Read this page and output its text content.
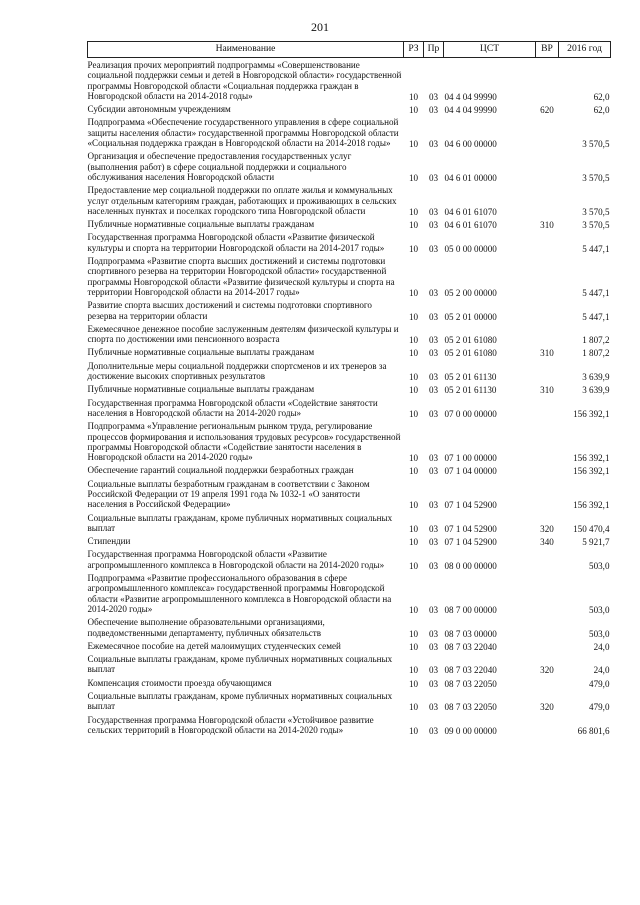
201
Наименование	РЗ	Пр	ЦСТ	ВР	2016 год
Реализация прочих мероприятий подпрограммы «Совершенствование социальной поддержки семьи и детей в Новгородской области» государственной программы Новгородской области «Социальная поддержка граждан в Новгородской области на 2014-2018 годы»	10	03	04 4 04 99990		62,0
Субсидии автономным учреждениям	10	03	04 4 04 99990	620	62,0
Подпрограмма «Обеспечение государственного управления в сфере социальной защиты населения области» государственной программы Новгородской области «Социальная поддержка граждан в Новгородской области на 2014-2018 годы»	10	03	04 6 00 00000		3 570,5
Организация и обеспечение предоставления государственных услуг (выполнения работ) в сфере социальной поддержки и социального обслуживания населения Новгородской области	10	03	04 6 01 00000		3 570,5
Предоставление мер социальной поддержки по оплате жилья и коммунальных услуг отдельным категориям граждан, работающих и проживающих в сельских населенных пунктах и поселках городского типа Новгородской области	10	03	04 6 01 61070		3 570,5
Публичные нормативные социальные выплаты гражданам	10	03	04 6 01 61070	310	3 570,5
Государственная программа Новгородской области «Развитие физической культуры и спорта на территории Новгородской области на 2014-2017 годы»	10	03	05 0 00 00000		5 447,1
Подпрограмма «Развитие спорта высших достижений и системы подготовки спортивного резерва на территории Новгородской области» государственной программы Новгородской области «Развитие физической культуры и спорта на территории Новгородской области на 2014-2017 годы»	10	03	05 2 00 00000		5 447,1
Развитие спорта высших достижений и системы подготовки спортивного резерва на территории области	10	03	05 2 01 00000		5 447,1
Ежемесячное денежное пособие заслуженным деятелям физической культуры и спорта по достижении ими пенсионного возраста	10	03	05 2 01 61080		1 807,2
Публичные нормативные социальные выплаты гражданам	10	03	05 2 01 61080	310	1 807,2
Дополнительные меры социальной поддержки спортсменов и их тренеров за достижение высоких спортивных результатов	10	03	05 2 01 61130		3 639,9
Публичные нормативные социальные выплаты гражданам	10	03	05 2 01 61130	310	3 639,9
Государственная программа Новгородской области «Содействие занятости населения в Новгородской области на 2014-2020 годы»	10	03	07 0 00 00000		156 392,1
Подпрограмма «Управление региональным рынком труда, регулирование процессов формирования и использования трудовых ресурсов» государственной программы Новгородской области «Содействие занятости населения в Новгородской области на 2014-2020 годы»	10	03	07 1 00 00000		156 392,1
Обеспечение гарантий социальной поддержки безработных граждан	10	03	07 1 04 00000		156 392,1
Социальные выплаты безработным гражданам в соответствии с Законом Российской Федерации от 19 апреля 1991 года № 1032-1 «О занятости населения в Российской Федерации»	10	03	07 1 04 52900		156 392,1
Социальные выплаты гражданам, кроме публичных нормативных социальных выплат	10	03	07 1 04 52900	320	150 470,4
Стипендии	10	03	07 1 04 52900	340	5 921,7
Государственная программа Новгородской области «Развитие агропромышленного комплекса в Новгородской области на 2014-2020 годы»	10	03	08 0 00 00000		503,0
Подпрограмма «Развитие профессионального образования в сфере агропромышленного комплекса» государственной программы Новгородской области «Развитие агропромышленного комплекса в Новгородской области на 2014-2020 годы»	10	03	08 7 00 00000		503,0
Обеспечение выполнение образовательными организациями, подведомственными департаменту, публичных обязательств	10	03	08 7 03 00000		503,0
Ежемесячное пособие на детей малоимущих студенческих семей	10	03	08 7 03 22040		24,0
Социальные выплаты гражданам, кроме публичных нормативных социальных выплат	10	03	08 7 03 22040	320	24,0
Компенсация стоимости проезда обучающимся	10	03	08 7 03 22050		479,0
Социальные выплаты гражданам, кроме публичных нормативных социальных выплат	10	03	08 7 03 22050	320	479,0
Государственная программа Новгородской области «Устойчивое развитие сельских территорий в Новгородской области на 2014-2020 годы»	10	03	09 0 00 00000		66 801,6
